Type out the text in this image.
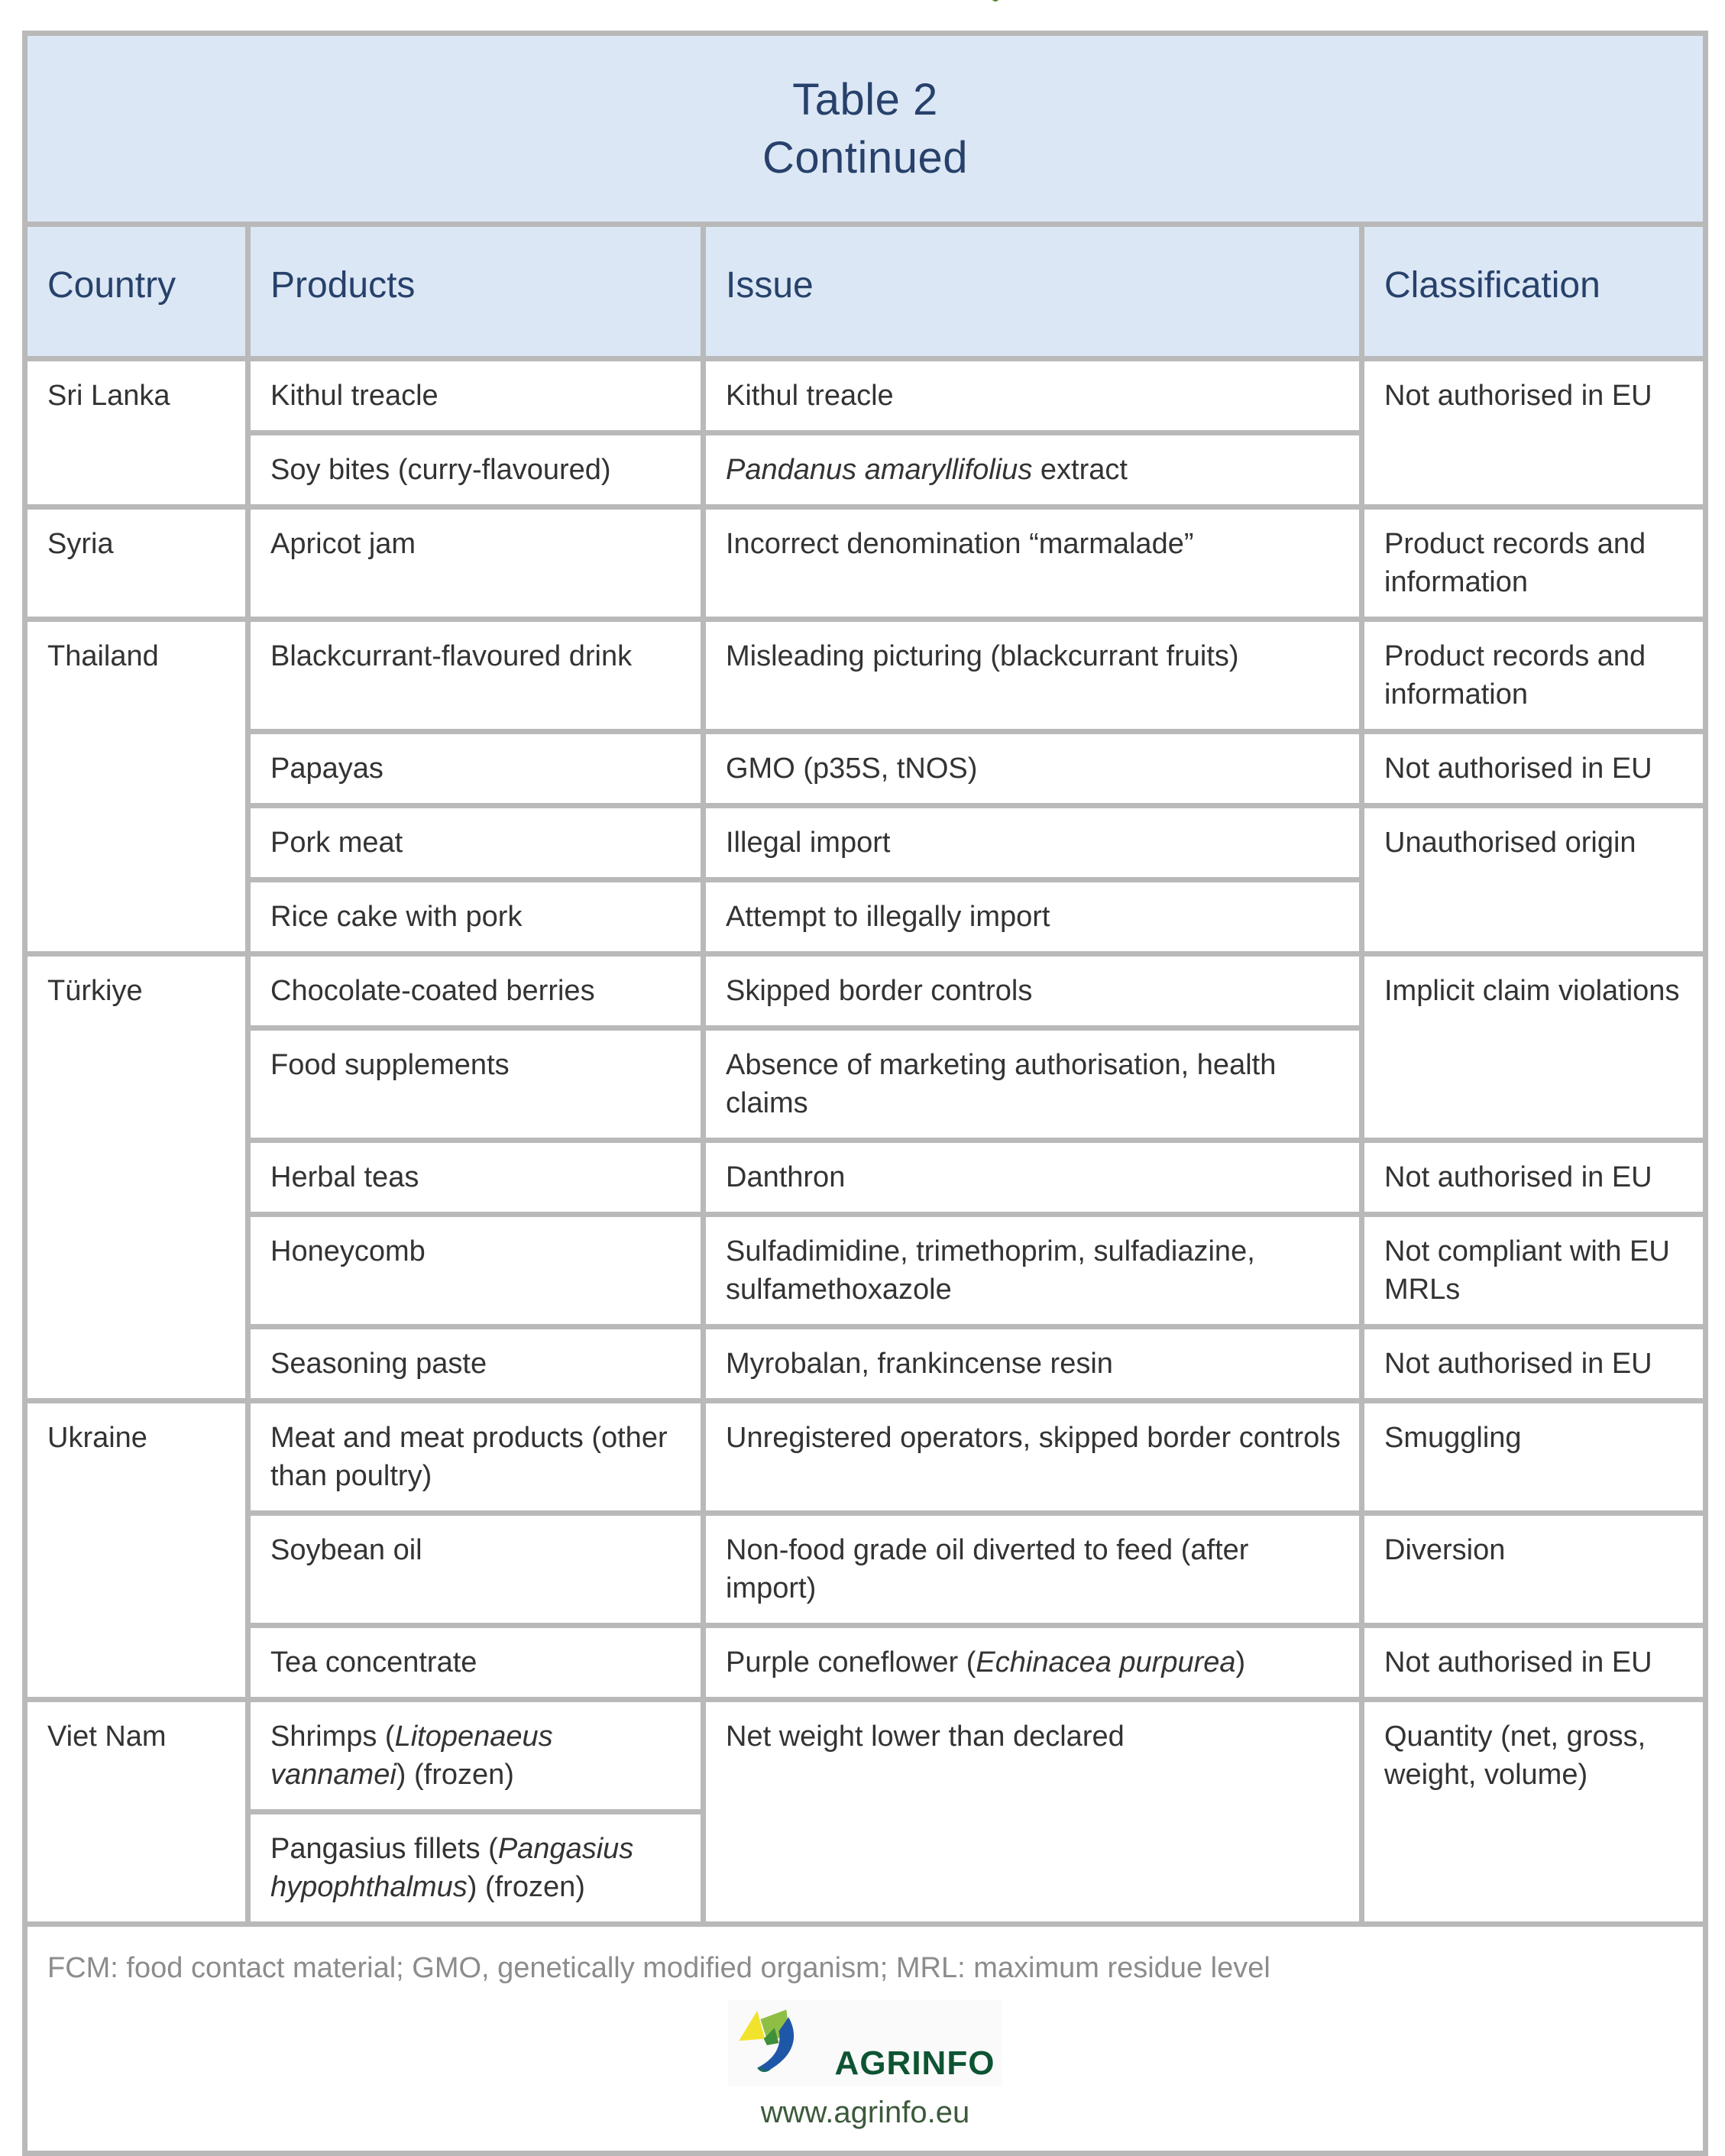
Table 2
Continued			

Country	Products	Issue	Classification
Sri Lanka	Kithul treacle	Kithul treacle	Not authorised in EU
	Soy bites (curry-flavoured)	Pandanus amaryllifolius extract	
Syria	Apricot jam	Incorrect denomination “marmalade”	Product records and information
Thailand	Blackcurrant-flavoured drink	Misleading picturing (blackcurrant fruits)	Product records and information
	Papayas	GMO (p35S, tNOS)	Not authorised in EU
	Pork meat	Illegal import	Unauthorised origin
	Rice cake with pork	Attempt to illegally import	
Türkiye	Chocolate-coated berries	Skipped border controls	Implicit claim violations
	Food supplements	Absence of marketing authorisation, health claims	
	Herbal teas	Danthron	Not authorised in EU
	Honeycomb	Sulfadimidine, trimethoprim, sulfadiazine, sulfamethoxazole	Not compliant with EU MRLs
	Seasoning paste	Myrobalan, frankincense resin	Not authorised in EU
Ukraine	Meat and meat products (other than poultry)	Unregistered operators, skipped border controls	Smuggling
	Soybean oil	Non-food grade oil diverted to feed (after import)	Diversion
	Tea concentrate	Purple coneflower (Echinacea purpurea)	Not authorised in EU
Viet Nam	Shrimps (Litopenaeus vannamei) (frozen)	Net weight lower than declared	Quantity (net, gross, weight, volume)
	Pangasius fillets (Pangasius hypophthalmus) (frozen)		

FCM: food contact material; GMO, genetically modified organism; MRL: maximum residue level
AGRINFO
www.agrinfo.eu			
